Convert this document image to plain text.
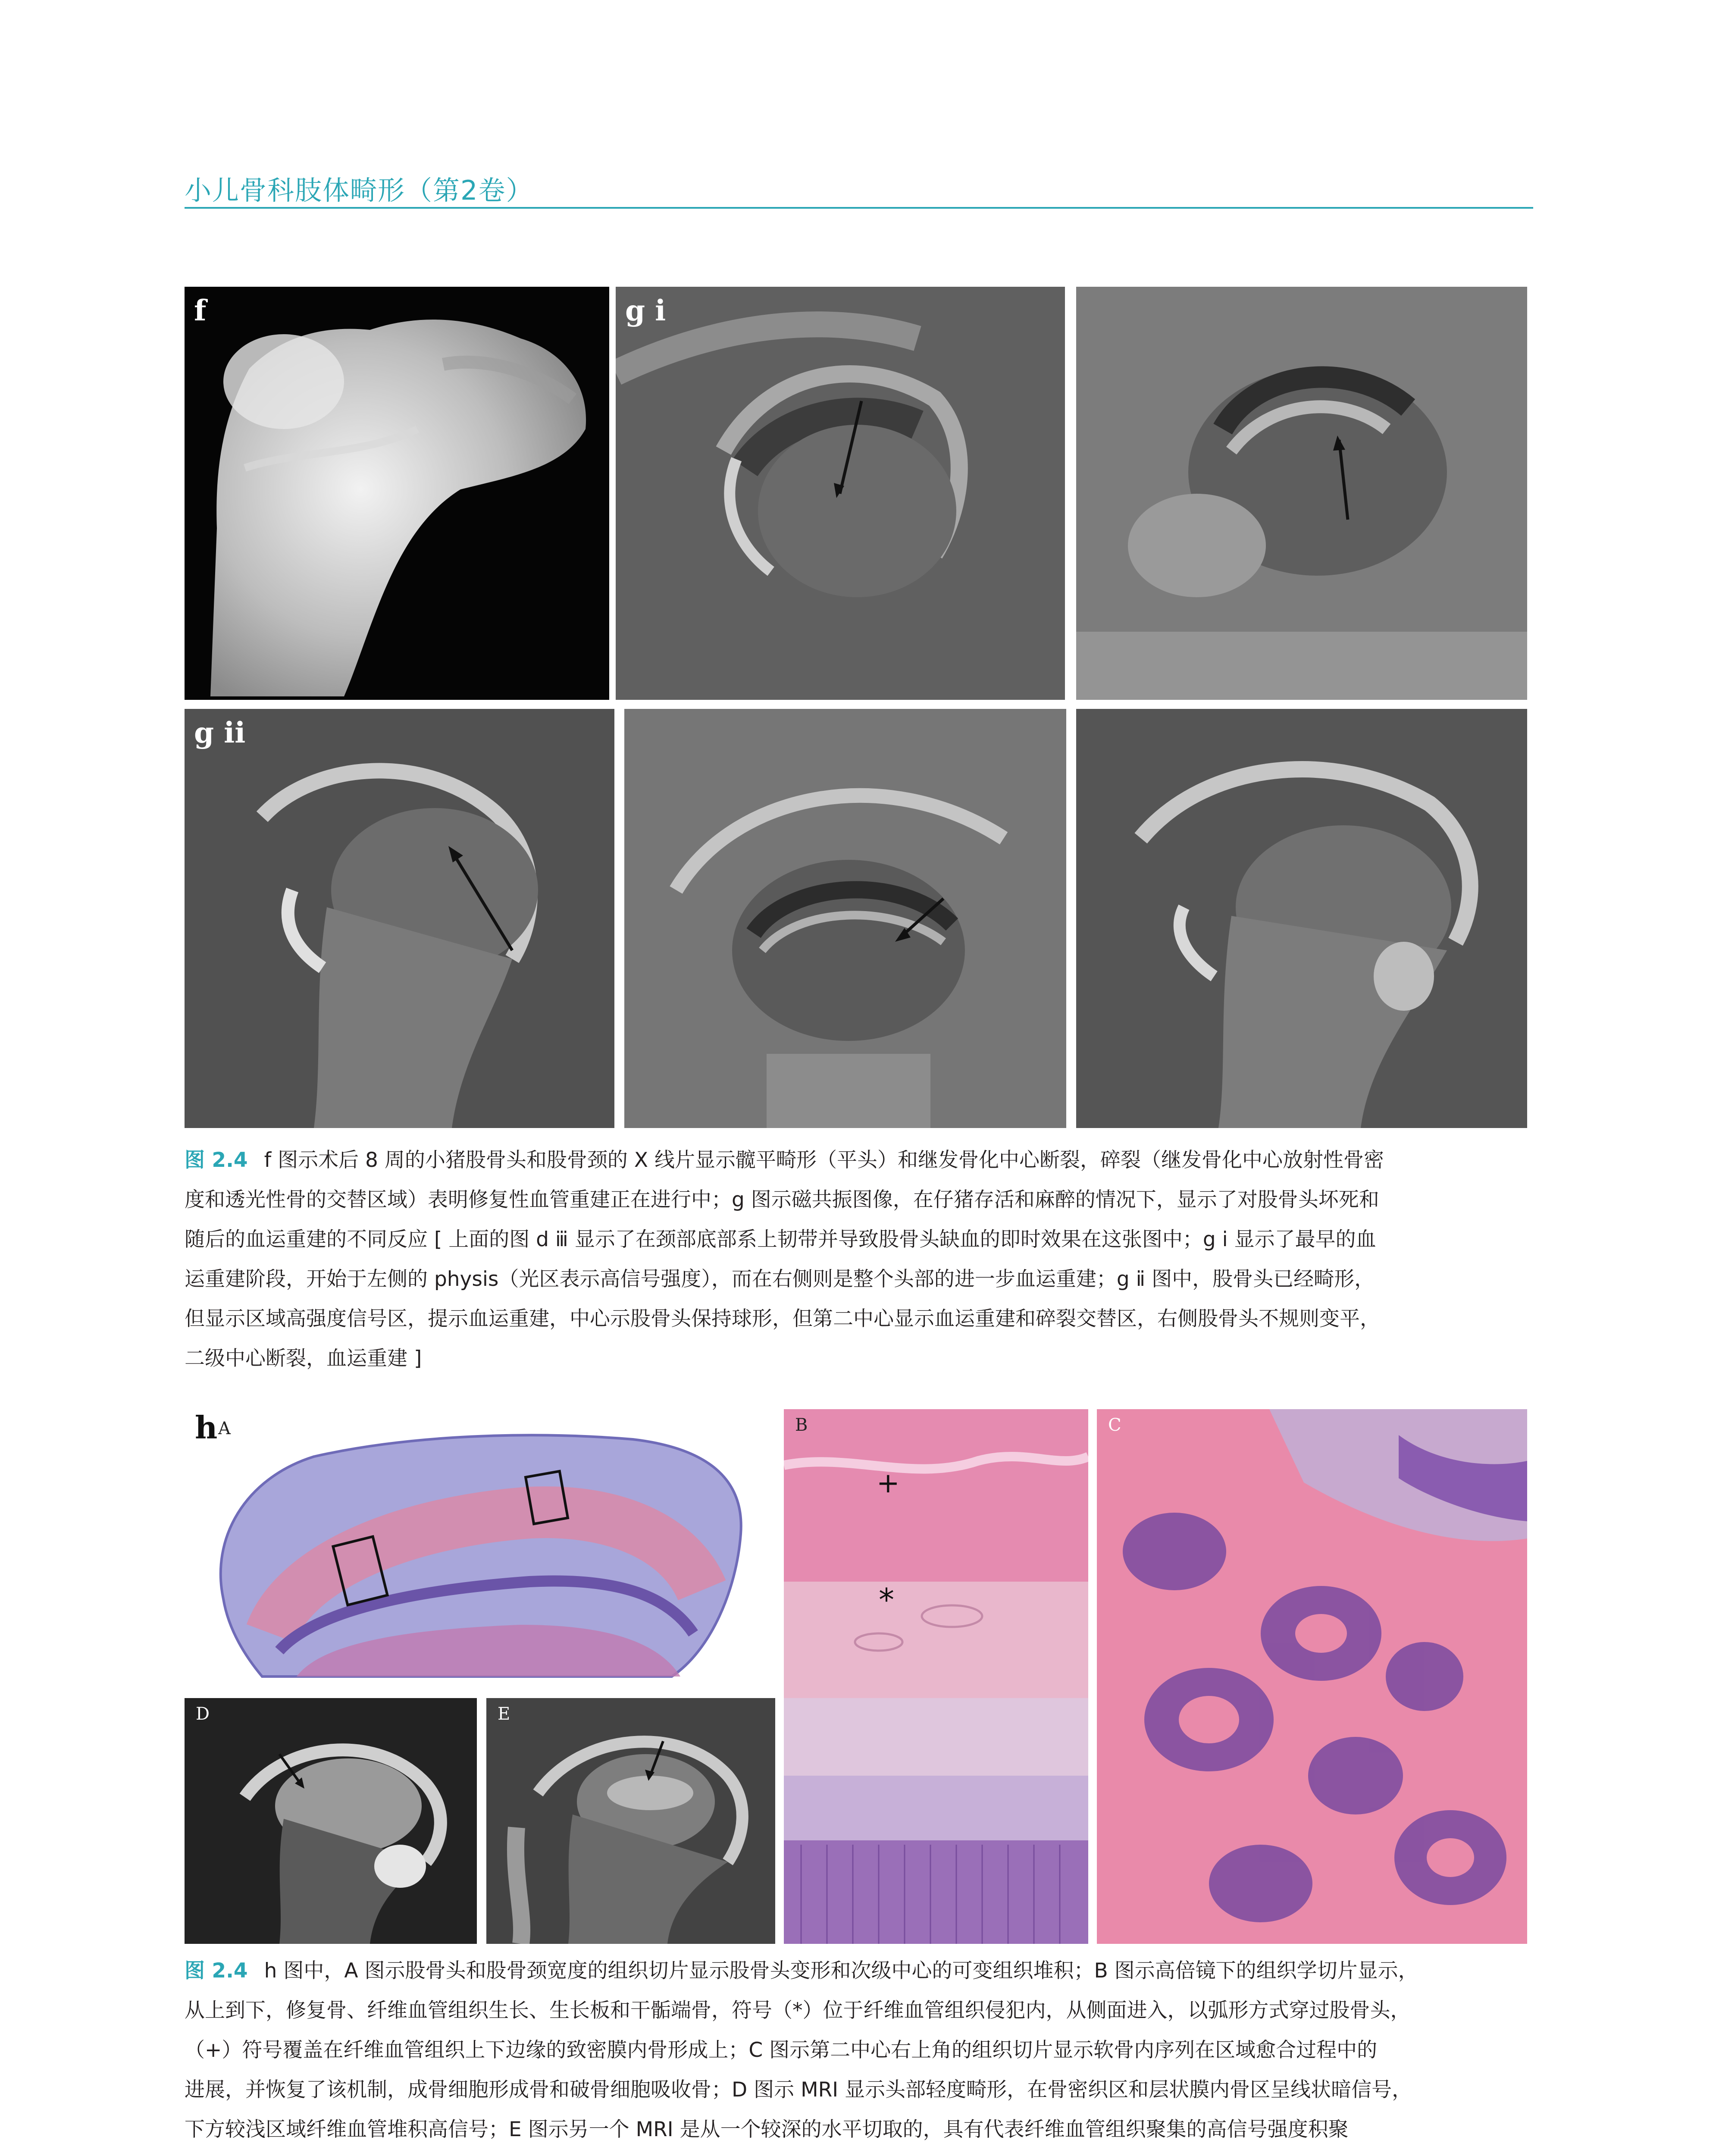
小儿骨科肢体畸形（第2卷）
f	g ⅰ
g ⅱ
图 2.4 f 图示术后 8 周的小猪股骨头和股骨颈的 X 线片显示髋平畸形（平头）和继发骨化中心断裂，碎裂（继发骨化中心放射性骨密
度和透光性骨的交替区域）表明修复性血管重建正在进行中；g 图示磁共振图像，在仔猪存活和麻醉的情况下，显示了对股骨头坏死和
随后的血运重建的不同反应 [ 上面的图 d ⅲ 显示了在颈部底部系上韧带并导致股骨头缺血的即时效果在这张图中；g ⅰ 显示了最早的血
运重建阶段，开始于左侧的 physis（光区表示高信号强度），而在右侧则是整个头部的进一步血运重建；g ⅱ 图中，股骨头已经畸形，
但显示区域高强度信号区，提示血运重建，中心示股骨头保持球形，但第二中心显示血运重建和碎裂交替区，右侧股骨头不规则变平，
二级中心断裂，血运重建 ]
h A	B
+
*
C
D	E
图 2.4 h 图中，A 图示股骨头和股骨颈宽度的组织切片显示股骨头变形和次级中心的可变组织堆积；B 图示高倍镜下的组织学切片显示，
从上到下，修复骨、纤维血管组织生长、生长板和干骺端骨，符号（*）位于纤维血管组织侵犯内，从侧面进入，以弧形方式穿过股骨头，
（+）符号覆盖在纤维血管组织上下边缘的致密膜内骨形成上；C 图示第二中心右上角的组织切片显示软骨内序列在区域愈合过程中的
进展，并恢复了该机制，成骨细胞形成骨和破骨细胞吸收骨；D 图示 MRI 显示头部轻度畸形，在骨密织区和层状膜内骨区呈线状暗信号，
下方较浅区域纤维血管堆积高信号；E 图示另一个 MRI 是从一个较深的水平切取的，具有代表纤维血管组织聚集的高信号强度积聚
